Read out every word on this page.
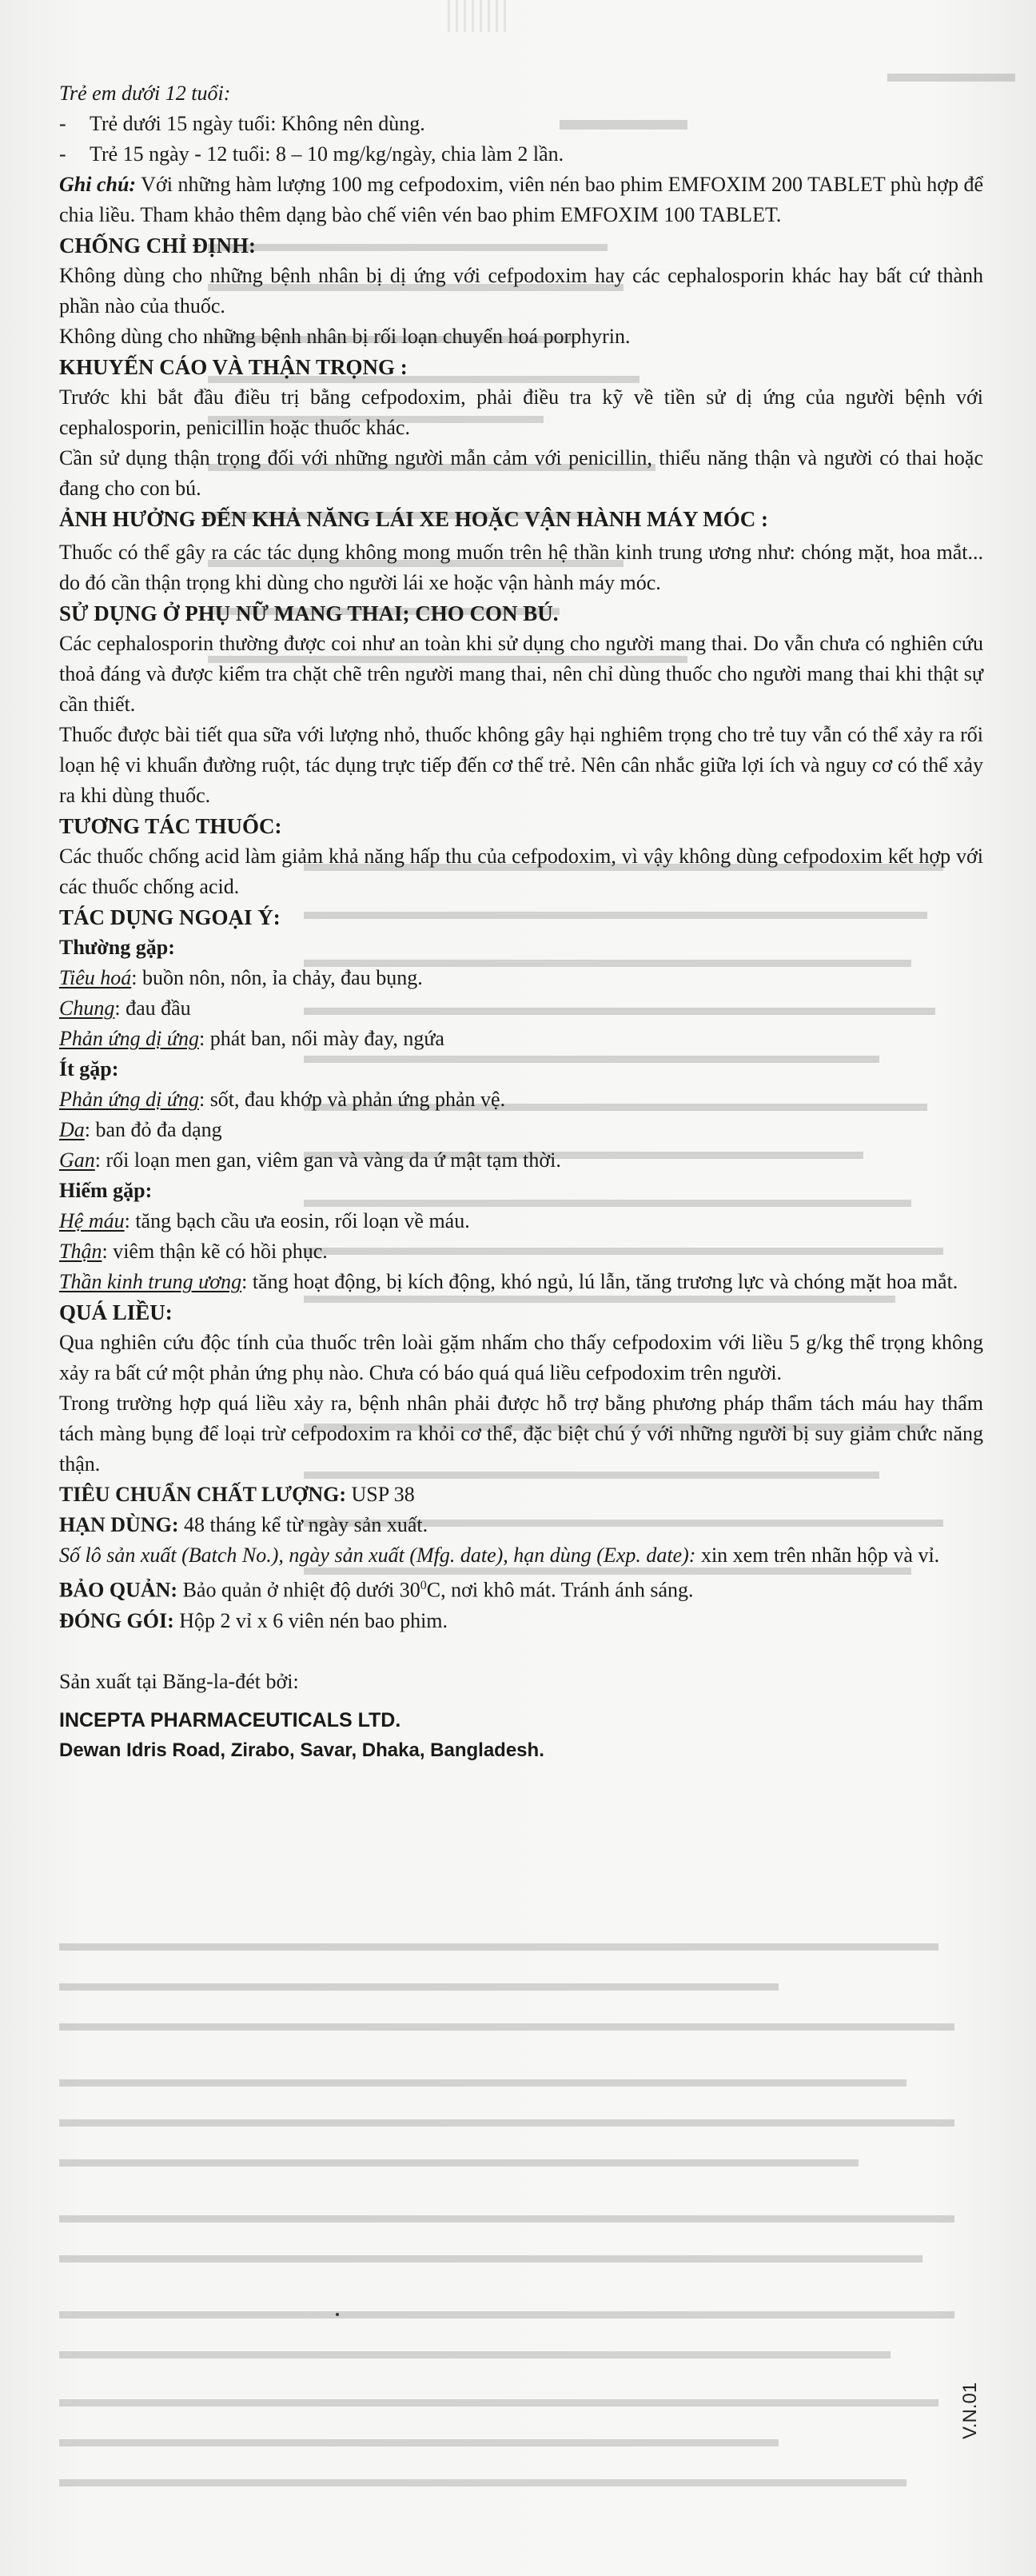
Trẻ em dưới 12 tuổi:

-	Trẻ dưới 15 ngày tuổi: Không nên dùng.
-	Trẻ 15 ngày - 12 tuổi: 8 – 10 mg/kg/ngày, chia làm 2 lần.

Ghi chú: Với những hàm lượng 100 mg cefpodoxim, viên nén bao phim EMFOXIM 200 TABLET phù hợp để chia liều. Tham khảo thêm dạng bào chế viên vén bao phim EMFOXIM 100 TABLET.

CHỐNG CHỈ ĐỊNH:

Không dùng cho những bệnh nhân bị dị ứng với cefpodoxim hay các cephalosporin khác hay bất cứ thành phần nào của thuốc.

Không dùng cho những bệnh nhân bị rối loạn chuyển hoá porphyrin.

KHUYẾN CÁO VÀ THẬN TRỌNG :

Trước khi bắt đầu điều trị bằng cefpodoxim, phải điều tra kỹ về tiền sử dị ứng của người bệnh với cephalosporin, penicillin hoặc thuốc khác.

Cần sử dụng thận trọng đối với những người mẫn cảm với penicillin, thiểu năng thận và người có thai hoặc đang cho con bú.

ẢNH HƯỞNG ĐẾN KHẢ NĂNG LÁI XE HOẶC VẬN HÀNH MÁY MÓC :

Thuốc có thể gây ra các tác dụng không mong muốn trên hệ thần kinh trung ương như: chóng mặt, hoa mắt... do đó cần thận trọng khi dùng cho người lái xe hoặc vận hành máy móc.

SỬ DỤNG Ở PHỤ NỮ MANG THAI; CHO CON BÚ.

Các cephalosporin thường được coi như an toàn khi sử dụng cho người mang thai. Do vẫn chưa có nghiên cứu thoả đáng và được kiểm tra chặt chẽ trên người mang thai, nên chỉ dùng thuốc cho người mang thai khi thật sự cần thiết.

Thuốc được bài tiết qua sữa với lượng nhỏ, thuốc không gây hại nghiêm trọng cho trẻ tuy vẫn có thể xảy ra rối loạn hệ vi khuẩn đường ruột, tác dụng trực tiếp đến cơ thể trẻ. Nên cân nhắc giữa lợi ích và nguy cơ có thể xảy ra khi dùng thuốc.

TƯƠNG TÁC THUỐC:

Các thuốc chống acid làm giảm khả năng hấp thu của cefpodoxim, vì vậy không dùng cefpodoxim kết hợp với các thuốc chống acid.

TÁC DỤNG NGOẠI Ý:

Thường gặp:

Tiêu hoá: buồn nôn, nôn, ỉa chảy, đau bụng.

Chung: đau đầu

Phản ứng dị ứng: phát ban, nổi mày đay, ngứa

Ít gặp:

Phản ứng dị ứng: sốt, đau khớp và phản ứng phản vệ.

Da: ban đỏ đa dạng

Gan: rối loạn men gan, viêm gan và vàng da ứ mật tạm thời.

Hiếm gặp:

Hệ máu: tăng bạch cầu ưa eosin, rối loạn về máu.

Thận: viêm thận kẽ có hồi phục.

Thần kinh trung ương: tăng hoạt động, bị kích động, khó ngủ, lú lẫn, tăng trương lực và chóng mặt hoa mắt.

QUÁ LIỀU:

Qua nghiên cứu độc tính của thuốc trên loài gặm nhấm cho thấy cefpodoxim với liều 5 g/kg thể trọng không xảy ra bất cứ một phản ứng phụ nào. Chưa có báo quá quá liều cefpodoxim trên người.

Trong trường hợp quá liều xảy ra, bệnh nhân phải được hỗ trợ bằng phương pháp thẩm tách máu hay thẩm tách màng bụng để loại trừ cefpodoxim ra khỏi cơ thể, đặc biệt chú ý với những người bị suy giảm chức năng thận.

TIÊU CHUẨN CHẤT LƯỢNG: USP 38

HẠN DÙNG: 48 tháng kể từ ngày sản xuất.

Số lô sản xuất (Batch No.), ngày sản xuất (Mfg. date), hạn dùng (Exp. date): xin xem trên nhãn hộp và vỉ.

BẢO QUẢN: Bảo quản ở nhiệt độ dưới $30^0C$, nơi khô mát. Tránh ánh sáng.

ĐÓNG GÓI: Hộp 2 vỉ x 6 viên nén bao phim.

Sản xuất tại Băng-la-đét bởi:

INCEPTA PHARMACEUTICALS LTD.

Dewan Idris Road, Zirabo, Savar, Dhaka, Bangladesh.

V.N.01
